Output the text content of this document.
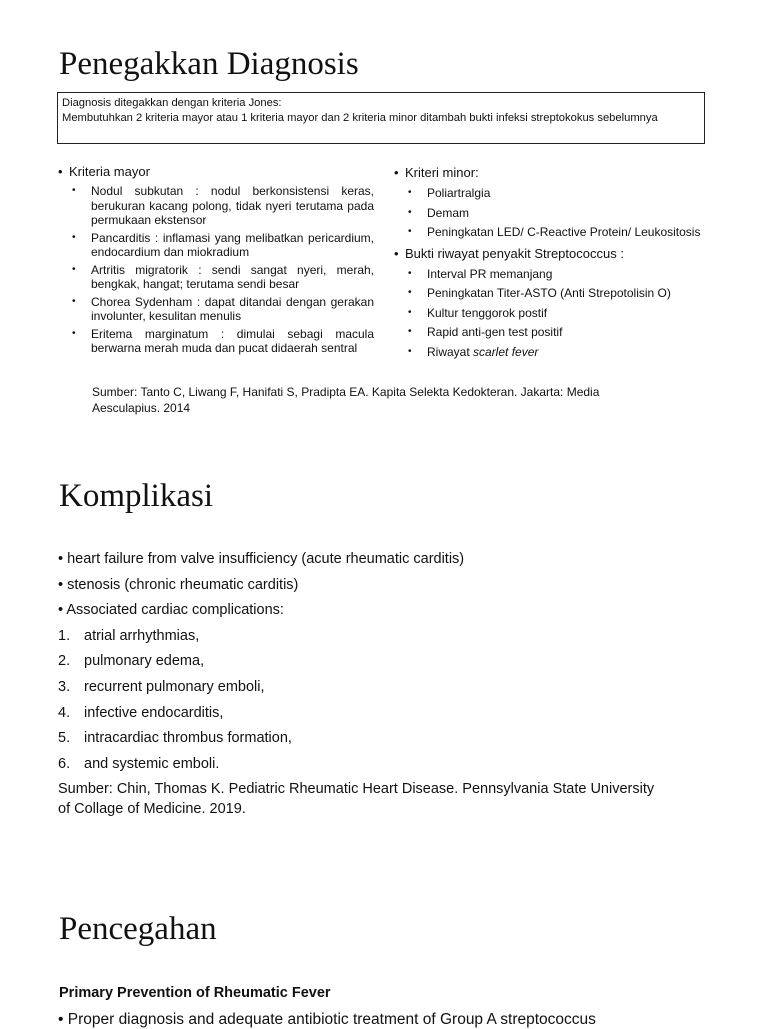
Penegakkan Diagnosis
Diagnosis ditegakkan dengan kriteria Jones:
Membutuhkan 2 kriteria mayor atau 1 kriteria mayor dan 2 kriteria minor ditambah bukti infeksi streptokokus sebelumnya
• Kriteria mayor
• Nodul subkutan : nodul berkonsistensi keras, berukuran kacang polong, tidak nyeri terutama pada permukaan ekstensor
• Pancarditis : inflamasi yang melibatkan pericardium, endocardium dan miokradium
• Artritis migratorik : sendi sangat nyeri, merah, bengkak, hangat; terutama sendi besar
• Chorea Sydenham : dapat ditandai dengan gerakan involunter, kesulitan menulis
• Eritema marginatum : dimulai sebagi macula berwarna merah muda dan pucat didaerah sentral
• Kriteri minor:
• Poliartralgia
• Demam
• Peningkatan LED/ C-Reactive Protein/ Leukositosis
• Bukti riwayat penyakit Streptococcus :
• Interval PR memanjang
• Peningkatan Titer-ASTO (Anti Strepotolisin O)
• Kultur tenggorok postif
• Rapid anti-gen test positif
• Riwayat scarlet fever
Sumber: Tanto C, Liwang F, Hanifati S, Pradipta EA. Kapita Selekta Kedokteran. Jakarta: Media
Aesculapius. 2014
Komplikasi
• heart failure from valve insufficiency (acute rheumatic carditis)
• stenosis (chronic rheumatic carditis)
• Associated cardiac complications:
1. atrial arrhythmias,
2. pulmonary edema,
3. recurrent pulmonary emboli,
4. infective endocarditis,
5. intracardiac thrombus formation,
6. and systemic emboli.
Sumber: Chin, Thomas K. Pediatric Rheumatic Heart Disease. Pennsylvania State University
of Collage of Medicine. 2019.
Pencegahan
Primary Prevention of Rheumatic Fever
• Proper diagnosis and adequate antibiotic treatment of Group A streptococcus
